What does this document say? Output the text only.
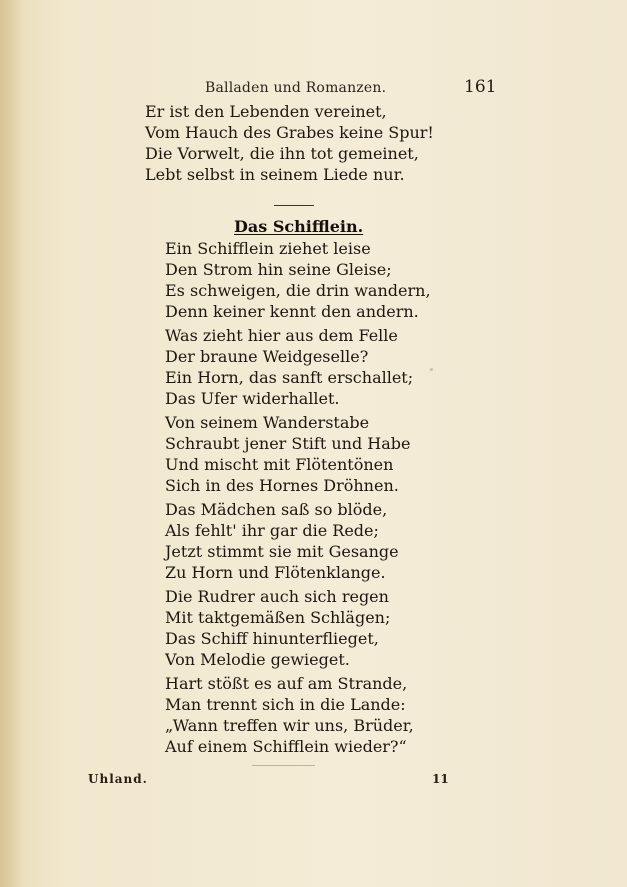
Balladen und Romanzen.	161
Er ist den Lebenden vereinet,
Vom Hauch des Grabes keine Spur!
Die Vorwelt, die ihn tot gemeinet,
Lebt selbst in seinem Liede nur.
Das Schifflein.
Ein Schifflein ziehet leise
Den Strom hin seine Gleise;
Es schweigen, die drin wandern,
Denn keiner kennt den andern.
Was zieht hier aus dem Felle
Der braune Weidgeselle?
Ein Horn, das sanft erschallet;
Das Ufer widerhallet.
Von seinem Wanderstabe
Schraubt jener Stift und Habe
Und mischt mit Flötentönen
Sich in des Hornes Dröhnen.
Das Mädchen saß so blöde,
Als fehlt' ihr gar die Rede;
Jetzt stimmt sie mit Gesange
Zu Horn und Flötenklange.
Die Rudrer auch sich regen
Mit taktgemäßen Schlägen;
Das Schiff hinunterflieget,
Von Melodie gewieget.
Hart stößt es auf am Strande,
Man trennt sich in die Lande:
„Wann treffen wir uns, Brüder,
Auf einem Schifflein wieder?“
Uhland.	11
